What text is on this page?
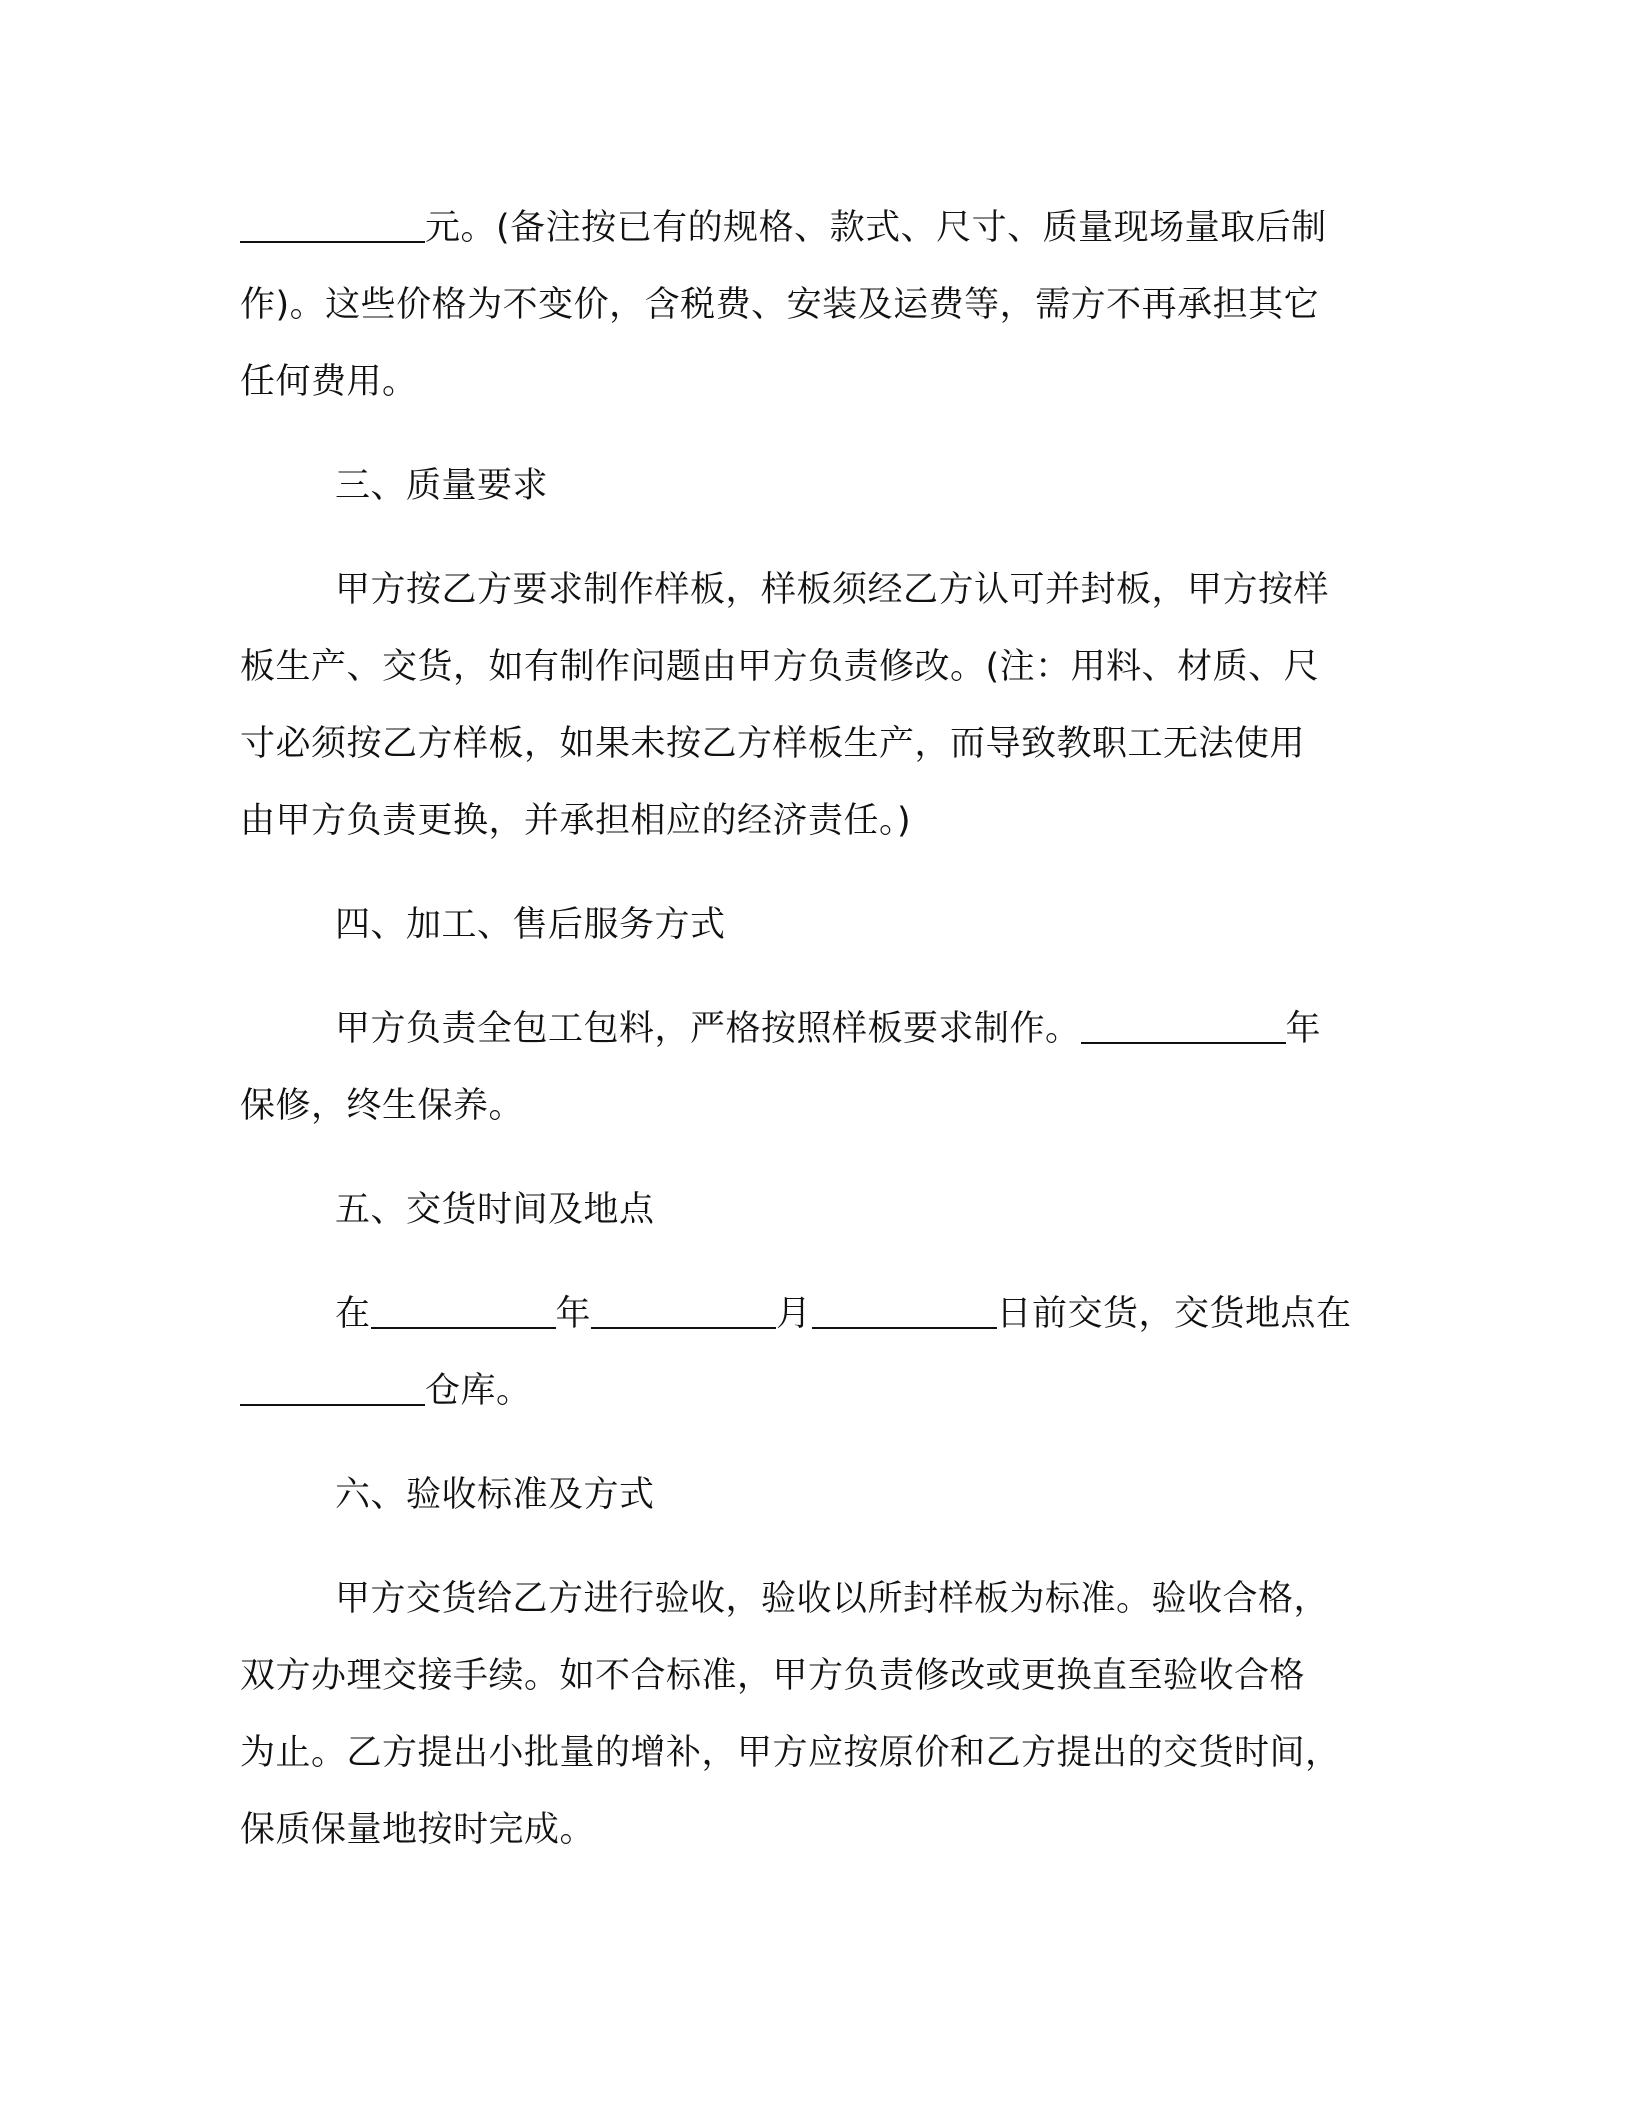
元。(备注按已有的规格、款式、尺寸、质量现场量取后制
作)。这些价格为不变价，含税费、安装及运费等，需方不再承担其它
任何费用。
三、质量要求
甲方按乙方要求制作样板，样板须经乙方认可并封板，甲方按样
板生产、交货，如有制作问题由甲方负责修改。(注：用料、材质、尺
寸必须按乙方样板，如果未按乙方样板生产，而导致教职工无法使用
由甲方负责更换，并承担相应的经济责任。)
四、加工、售后服务方式
甲方负责全包工包料，严格按照样板要求制作。	年
保修，终生保养。
五、交货时间及地点
在	年	月	日前交货，交货地点在
仓库。
六、验收标准及方式
甲方交货给乙方进行验收，验收以所封样板为标准。验收合格，
双方办理交接手续。如不合标准，甲方负责修改或更换直至验收合格
为止。乙方提出小批量的增补，甲方应按原价和乙方提出的交货时间，
保质保量地按时完成。
